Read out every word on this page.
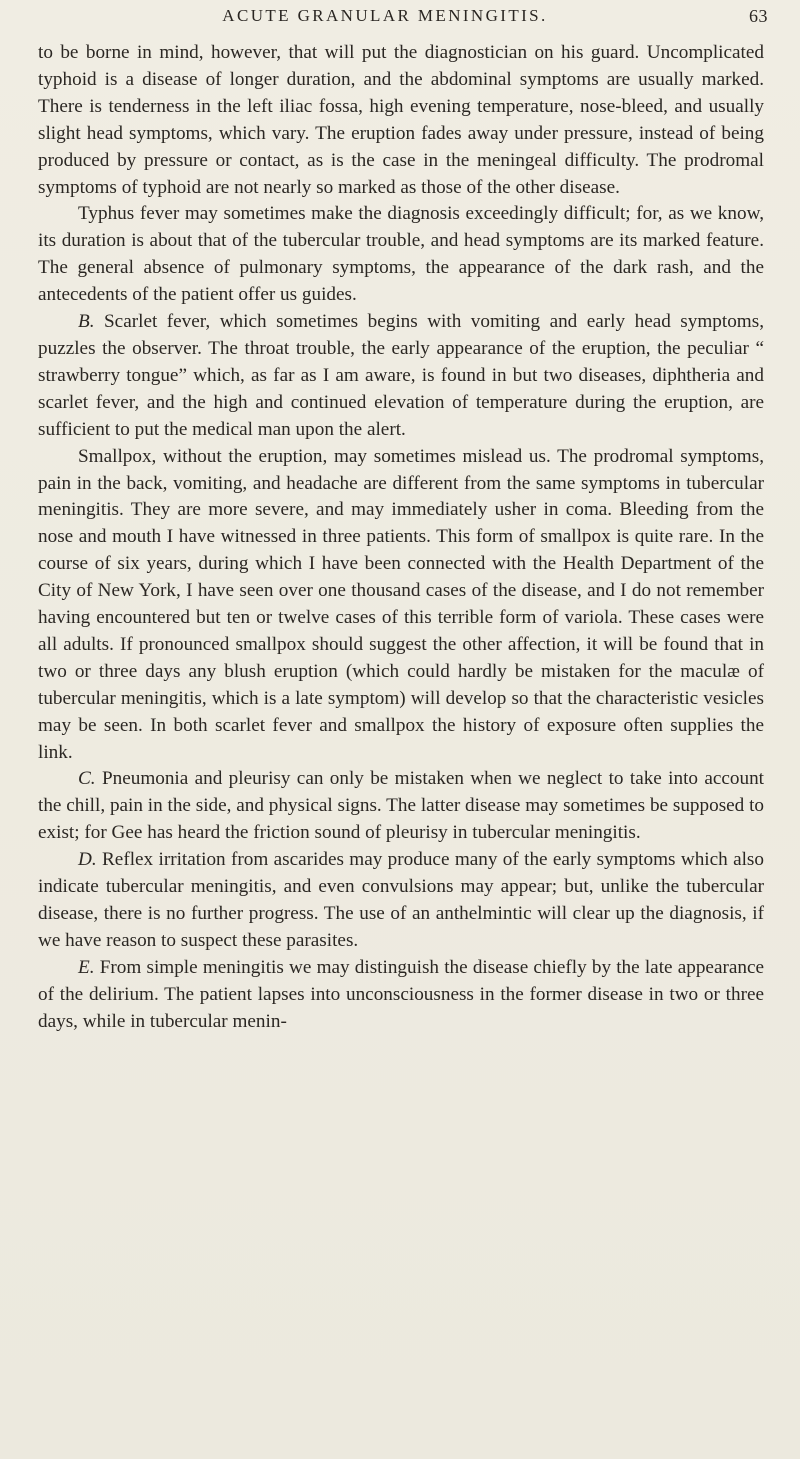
ACUTE GRANULAR MENINGITIS.	63

to be borne in mind, however, that will put the diagnostician on his guard. Uncomplicated typhoid is a disease of longer duration, and the abdominal symptoms are usually marked. There is tenderness in the left iliac fossa, high evening temperature, nose-bleed, and usually slight head symptoms, which vary. The eruption fades away under pressure, instead of being produced by pressure or contact, as is the case in the meningeal difficulty. The prodromal symptoms of typhoid are not nearly so marked as those of the other disease.

Typhus fever may sometimes make the diagnosis exceedingly difficult; for, as we know, its duration is about that of the tubercular trouble, and head symptoms are its marked feature. The general absence of pulmonary symptoms, the appearance of the dark rash, and the antecedents of the patient offer us guides.

B. Scarlet fever, which sometimes begins with vomiting and early head symptoms, puzzles the observer. The throat trouble, the early appearance of the eruption, the peculiar “ strawberry tongue” which, as far as I am aware, is found in but two diseases, diphtheria and scarlet fever, and the high and continued elevation of temperature during the eruption, are sufficient to put the medical man upon the alert.

Smallpox, without the eruption, may sometimes mislead us. The prodromal symptoms, pain in the back, vomiting, and headache are different from the same symptoms in tubercular meningitis. They are more severe, and may immediately usher in coma. Bleeding from the nose and mouth I have witnessed in three patients. This form of smallpox is quite rare. In the course of six years, during which I have been connected with the Health Department of the City of New York, I have seen over one thousand cases of the disease, and I do not remember having encountered but ten or twelve cases of this terrible form of variola. These cases were all adults. If pronounced smallpox should suggest the other affection, it will be found that in two or three days any blush eruption (which could hardly be mistaken for the maculæ of tubercular meningitis, which is a late symptom) will develop so that the characteristic vesicles may be seen. In both scarlet fever and smallpox the history of exposure often supplies the link.

C. Pneumonia and pleurisy can only be mistaken when we neglect to take into account the chill, pain in the side, and physical signs. The latter disease may sometimes be supposed to exist; for Gee has heard the friction sound of pleurisy in tubercular meningitis.

D. Reflex irritation from ascarides may produce many of the early symptoms which also indicate tubercular meningitis, and even convulsions may appear; but, unlike the tubercular disease, there is no further progress. The use of an anthelmintic will clear up the diagnosis, if we have reason to suspect these parasites.

E. From simple meningitis we may distinguish the disease chiefly by the late appearance of the delirium. The patient lapses into unconsciousness in the former disease in two or three days, while in tubercular menin-
